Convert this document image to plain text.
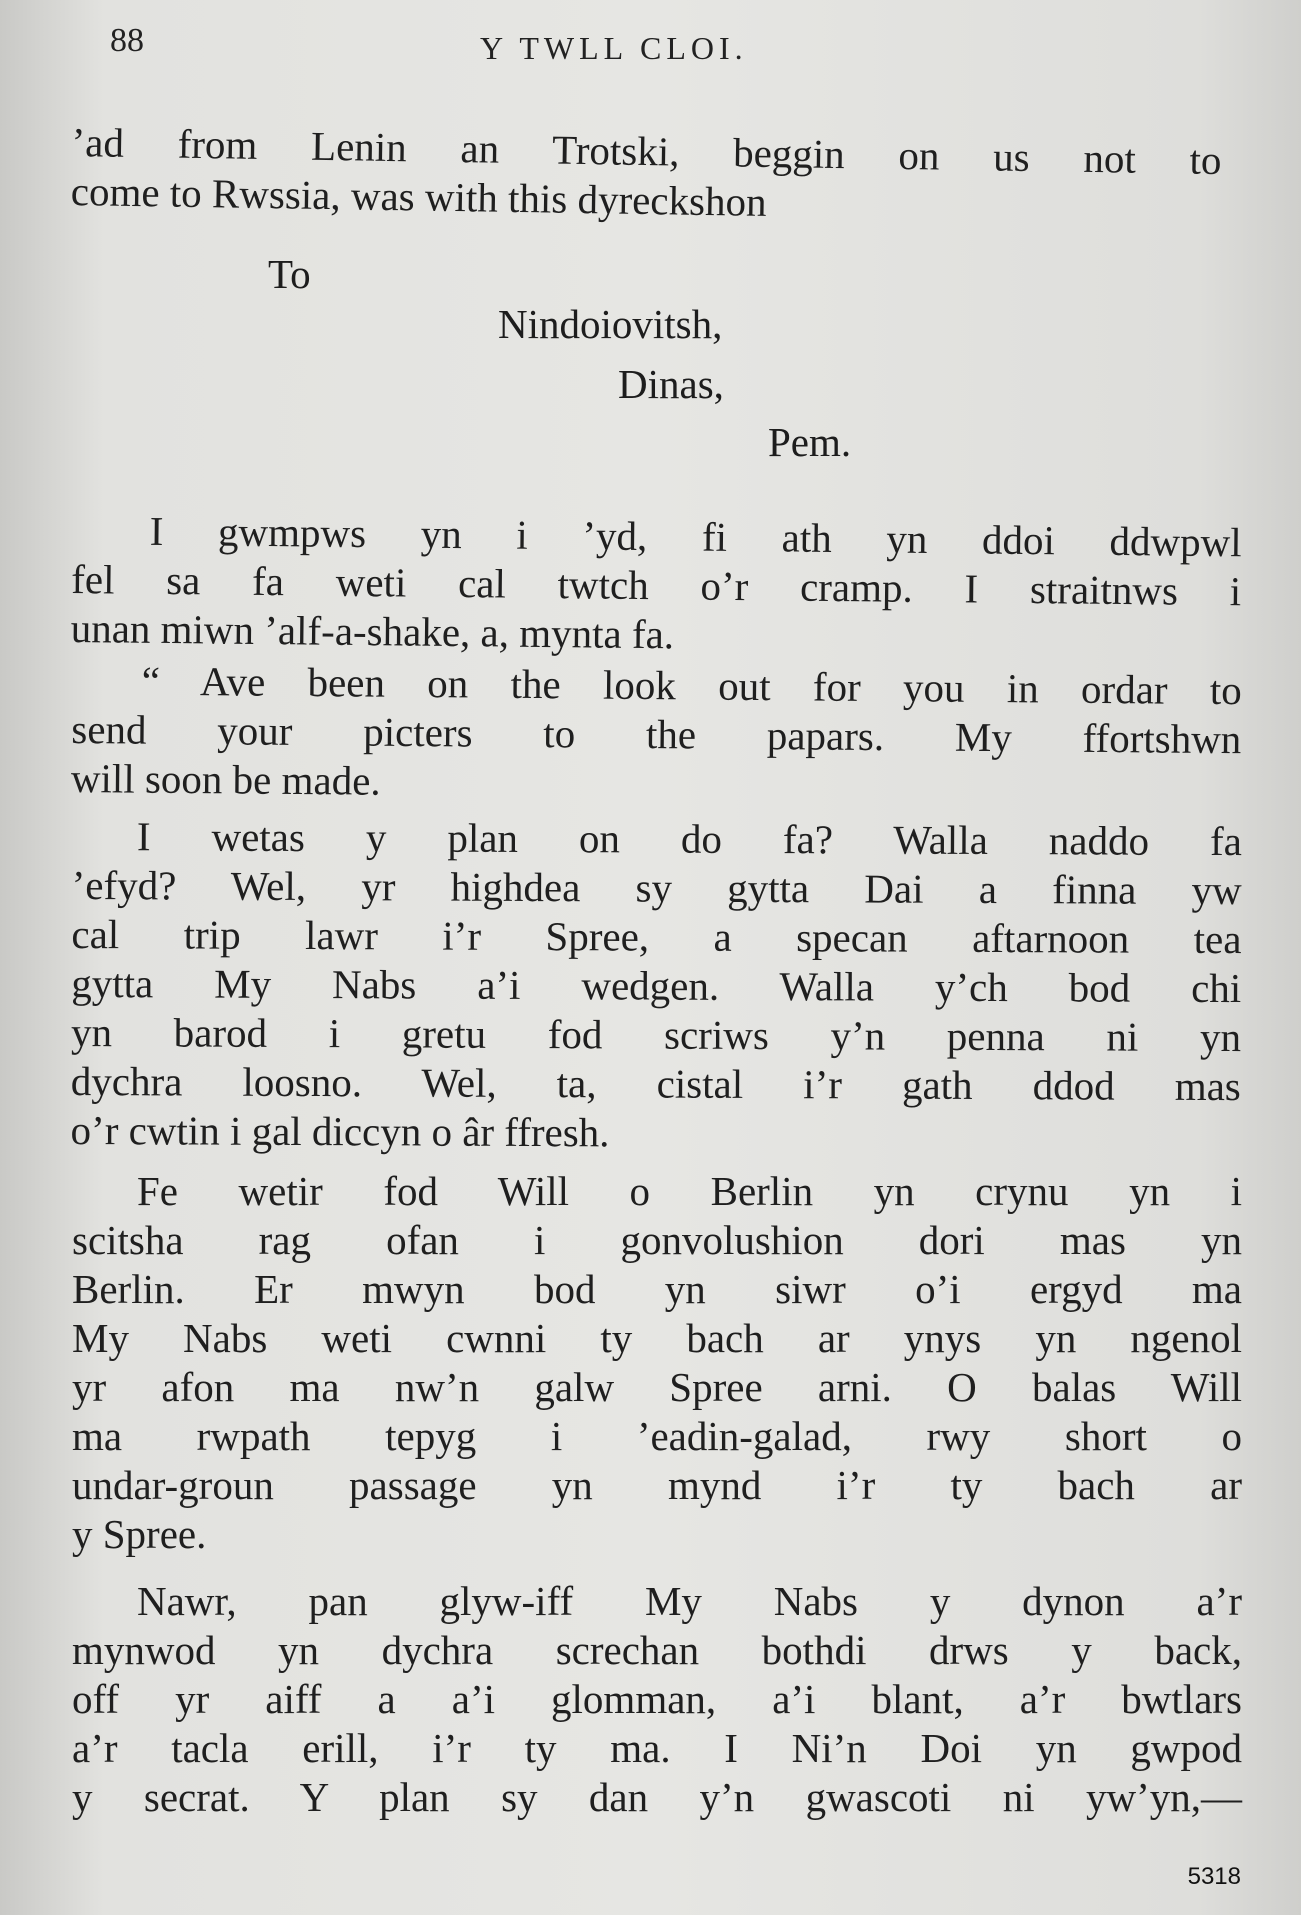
88	Y TWLL CLOI.
’ad from Lenin an Trotski, beggin on us not to
come to Rwssia, was with this dyreckshon
To
Nindoiovitsh,
Dinas,
Pem.
I gwmpws yn i ’yd, fi ath yn ddoi ddwpwl
fel sa fa weti cal twtch o’r cramp. I straitnws i
unan miwn ’alf-a-shake, a, mynta fa.
“ Ave been on the look out for you in ordar to
send your picters to the papars. My ffortshwn
will soon be made.
I wetas y plan on do fa? Walla naddo fa
’efyd? Wel, yr highdea sy gytta Dai a finna yw
cal trip lawr i’r Spree, a specan aftarnoon tea
gytta My Nabs a’i wedgen. Walla y’ch bod chi
yn barod i gretu fod scriws y’n penna ni yn
dychra loosno. Wel, ta, cistal i’r gath ddod mas
o’r cwtin i gal diccyn o âr ffresh.
Fe wetir fod Will o Berlin yn crynu yn i
scitsha rag ofan i gonvolushion dori mas yn
Berlin. Er mwyn bod yn siwr o’i ergyd ma
My Nabs weti cwnni ty bach ar ynys yn ngenol
yr afon ma nw’n galw Spree arni. O balas Will
ma rwpath tepyg i ’eadin-galad, rwy short o
undar-groun passage yn mynd i’r ty bach ar
y Spree.
Nawr, pan glyw-iff My Nabs y dynon a’r
mynwod yn dychra screchan bothdi drws y back,
off yr aiff a a’i glomman, a’i blant, a’r bwtlars
a’r tacla erill, i’r ty ma. I Ni’n Doi yn gwpod
y secrat. Y plan sy dan y’n gwascoti ni yw’yn,—
5318
